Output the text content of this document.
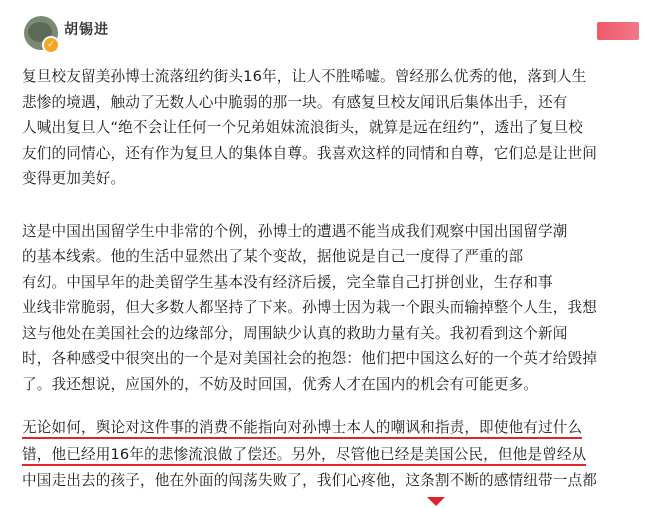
✓
胡锡进

复旦校友留美孙博士流落纽约街头16年，让人不胜唏嘘。曾经那么优秀的他，落到人生

悲惨的境遇，触动了无数人心中脆弱的那一块。有感复旦校友闻讯后集体出手，还有

人喊出复旦人“绝不会让任何一个兄弟姐妹流浪街头，就算是远在纽约”，透出了复旦校

友们的同情心，还有作为复旦人的集体自尊。我喜欢这样的同情和自尊，它们总是让世间

变得更加美好。

这是中国出国留学生中非常的个例，孙博士的遭遇不能当成我们观察中国出国留学潮

的基本线索。他的生活中显然出了某个变故，据他说是自己一度得了严重的部

有幻。中国早年的赴美留学生基本没有经济后援，完全靠自己打拼创业，生存和事

业线非常脆弱，但大多数人都坚持了下来。孙博士因为栽一个跟头而输掉整个人生，我想

这与他处在美国社会的边缘部分，周围缺少认真的救助力量有关。我初看到这个新闻

时，各种感受中很突出的一个是对美国社会的抱怨：他们把中国这么好的一个英才给毁掉

了。我还想说，应国外的，不妨及时回国，优秀人才在国内的机会有可能更多。

无论如何，舆论对这件事的消费不能指向对孙博士本人的嘲讽和指责，即使他有过什么

错，他已经用16年的悲惨流浪做了偿还。另外，尽管他已经是美国公民，但他是曾经从

中国走出去的孩子，他在外面的闯荡失败了，我们心疼他，这条割不断的感情纽带一点都
